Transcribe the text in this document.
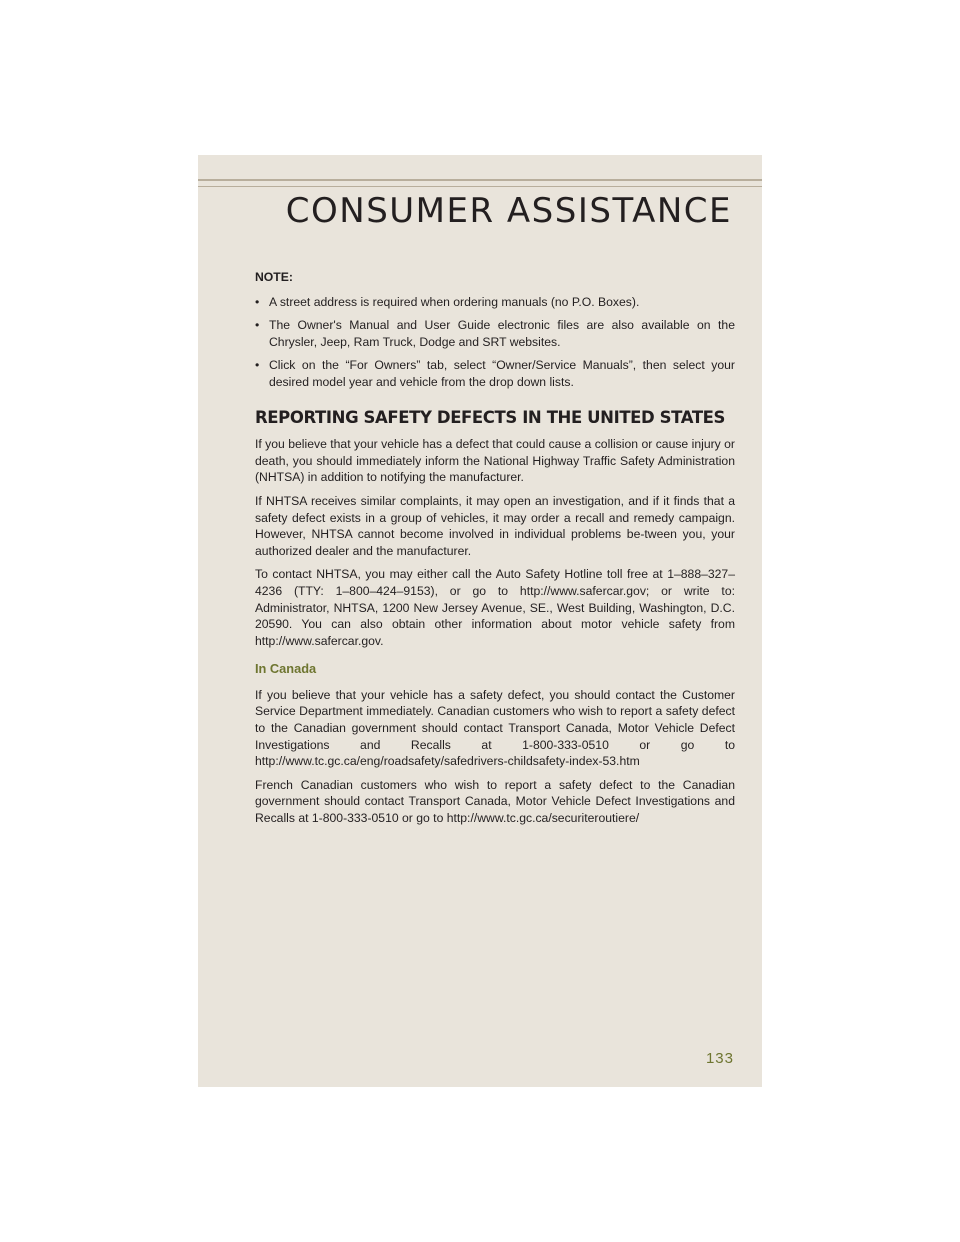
CONSUMER ASSISTANCE

NOTE:

• A street address is required when ordering manuals (no P.O. Boxes).
• The Owner's Manual and User Guide electronic files are also available on the Chrysler, Jeep, Ram Truck, Dodge and SRT websites.
• Click on the “For Owners” tab, select “Owner/Service Manuals”, then select your desired model year and vehicle from the drop down lists.
REPORTING SAFETY DEFECTS IN THE UNITED STATES

If you believe that your vehicle has a defect that could cause a collision or cause injury or death, you should immediately inform the National Highway Traffic Safety Administration (NHTSA) in addition to notifying the manufacturer.

If NHTSA receives similar complaints, it may open an investigation, and if it finds that a safety defect exists in a group of vehicles, it may order a recall and remedy campaign. However, NHTSA cannot become involved in individual problems be-tween you, your authorized dealer and the manufacturer.

To contact NHTSA, you may either call the Auto Safety Hotline toll free at 1–888–327–4236 (TTY: 1–800–424–9153), or go to http://www.safercar.gov; or write to: Administrator, NHTSA, 1200 New Jersey Avenue, SE., West Building, Washington, D.C. 20590. You can also obtain other information about motor vehicle safety from http://www.safercar.gov.

In Canada

If you believe that your vehicle has a safety defect, you should contact the Customer Service Department immediately. Canadian customers who wish to report a safety defect to the Canadian government should contact Transport Canada, Motor Vehicle Defect Investigations and Recalls at 1-800-333-0510 or go to http://www.tc.gc.ca/eng/roadsafety/safedrivers-childsafety-index-53.htm

French Canadian customers who wish to report a safety defect to the Canadian government should contact Transport Canada, Motor Vehicle Defect Investigations and Recalls at 1-800-333-0510 or go to http://www.tc.gc.ca/securiteroutiere/

133
